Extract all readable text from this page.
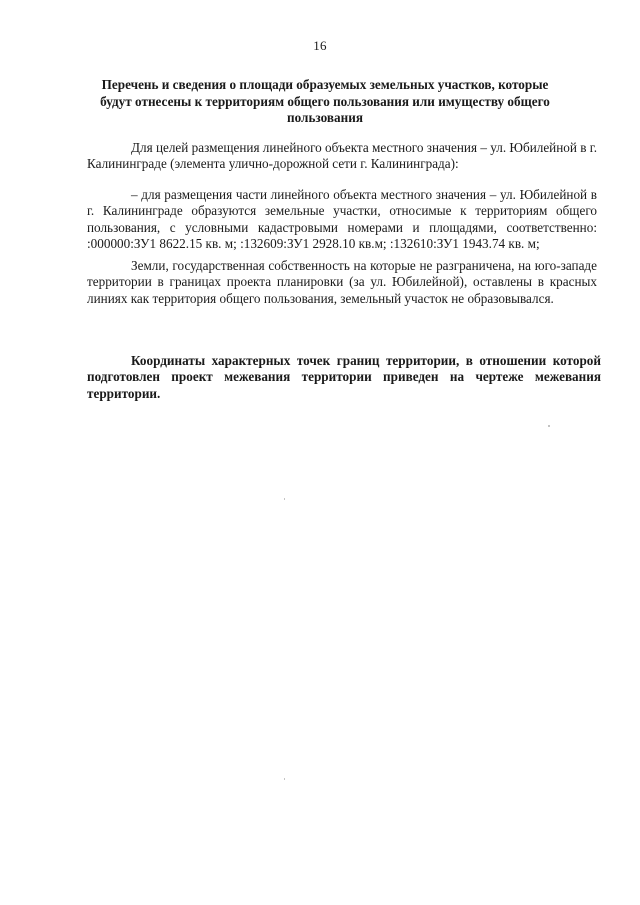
16
Перечень и сведения о площади образуемых земельных участков, которые будут отнесены к территориям общего пользования или имуществу общего пользования

Для целей размещения линейного объекта местного значения – ул. Юбилейной в г. Калининграде (элемента улично-дорожной сети г. Калининграда):

– для размещения части линейного объекта местного значения – ул. Юбилейной в г. Калининграде образуются земельные участки, относимые к территориям общего пользования, с условными кадастровыми номерами и площадями, соответственно: :000000:ЗУ1 8622.15 кв. м; :132609:ЗУ1 2928.10 кв.м; :132610:ЗУ1 1943.74 кв. м;

Земли, государственная собственность на которые не разграничена, на юго-западе территории в границах проекта планировки (за ул. Юбилейной), оставлены в красных линиях как территория общего пользования, земельный участок не образовывался.

Координаты характерных точек границ территории, в отношении которой подготовлен проект межевания территории приведен на чертеже межевания территории.
